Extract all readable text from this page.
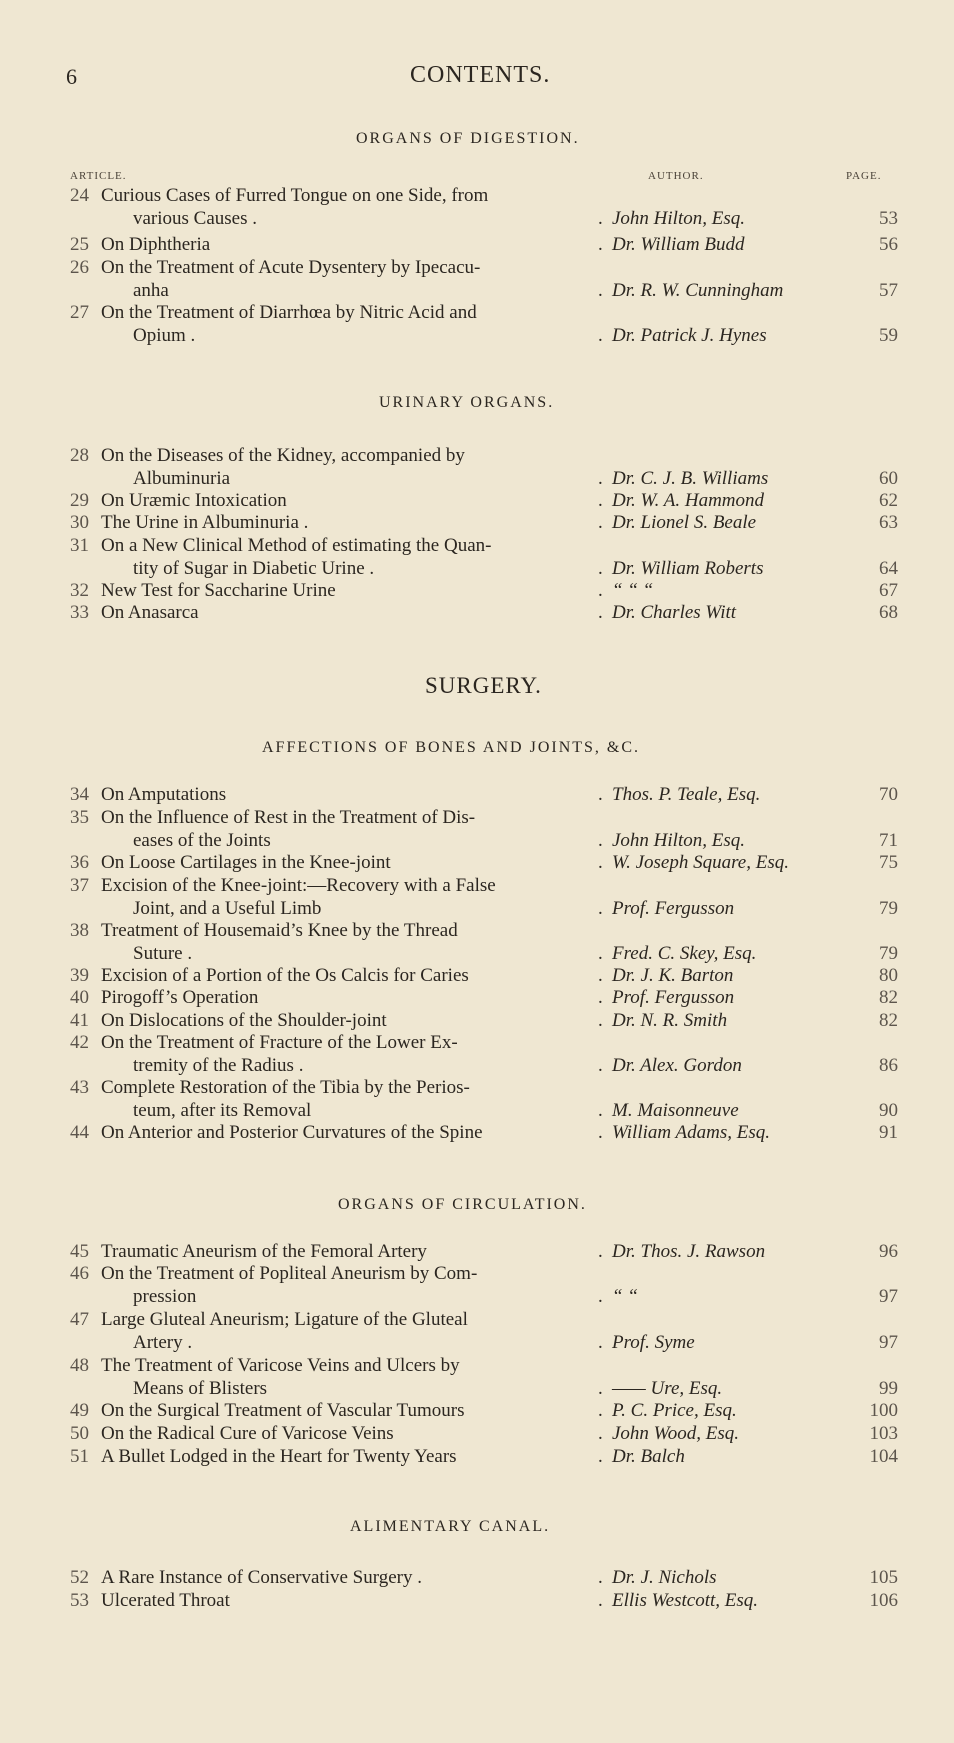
6	CONTENTS.
ARTICLE.	AUTHOR.	PAGE.
ORGANS OF DIGESTION.
URINARY ORGANS.
SURGERY.
AFFECTIONS OF BONES AND JOINTS, &C.
ORGANS OF CIRCULATION.
ALIMENTARY CANAL.
24 Curious Cases of Furred Tongue on one Side, from
various Causes .	. John Hilton, Esq.	53
25 On Diphtheria	. Dr. William Budd	56
26 On the Treatment of Acute Dysentery by Ipecacu-
anha	. Dr. R. W. Cunningham	57
27 On the Treatment of Diarrhœa by Nitric Acid and
Opium .	. Dr. Patrick J. Hynes	59
28 On the Diseases of the Kidney, accompanied by
Albuminuria	. Dr. C. J. B. Williams	60
29 On Uræmic Intoxication	. Dr. W. A. Hammond	62
30 The Urine in Albuminuria .	. Dr. Lionel S. Beale	63
31 On a New Clinical Method of estimating the Quan-
tity of Sugar in Diabetic Urine .	. Dr. William Roberts	64
32 New Test for Saccharine Urine	. “ “ “	67
33 On Anasarca	. Dr. Charles Witt	68
34 On Amputations	. Thos. P. Teale, Esq.	70
35 On the Influence of Rest in the Treatment of Dis-
eases of the Joints	. John Hilton, Esq.	71
36 On Loose Cartilages in the Knee-joint	. W. Joseph Square, Esq.	75
37 Excision of the Knee-joint:—Recovery with a False
Joint, and a Useful Limb	. Prof. Fergusson	79
38 Treatment of Housemaid’s Knee by the Thread
Suture .	. Fred. C. Skey, Esq.	79
39 Excision of a Portion of the Os Calcis for Caries	. Dr. J. K. Barton	80
40 Pirogoff’s Operation	. Prof. Fergusson	82
41 On Dislocations of the Shoulder-joint	. Dr. N. R. Smith	82
42 On the Treatment of Fracture of the Lower Ex-
tremity of the Radius .	. Dr. Alex. Gordon	86
43 Complete Restoration of the Tibia by the Perios-
teum, after its Removal	. M. Maisonneuve	90
44 On Anterior and Posterior Curvatures of the Spine	. William Adams, Esq.	91
45 Traumatic Aneurism of the Femoral Artery	. Dr. Thos. J. Rawson	96
46 On the Treatment of Popliteal Aneurism by Com-
pression	. “ “	97
47 Large Gluteal Aneurism; Ligature of the Gluteal
Artery .	. Prof. Syme	97
48 The Treatment of Varicose Veins and Ulcers by
Means of Blisters	. —— Ure, Esq.	99
49 On the Surgical Treatment of Vascular Tumours	. P. C. Price, Esq.	100
50 On the Radical Cure of Varicose Veins	. John Wood, Esq.	103
51 A Bullet Lodged in the Heart for Twenty Years	. Dr. Balch	104
52 A Rare Instance of Conservative Surgery .	. Dr. J. Nichols	105
53 Ulcerated Throat	. Ellis Westcott, Esq.	106
